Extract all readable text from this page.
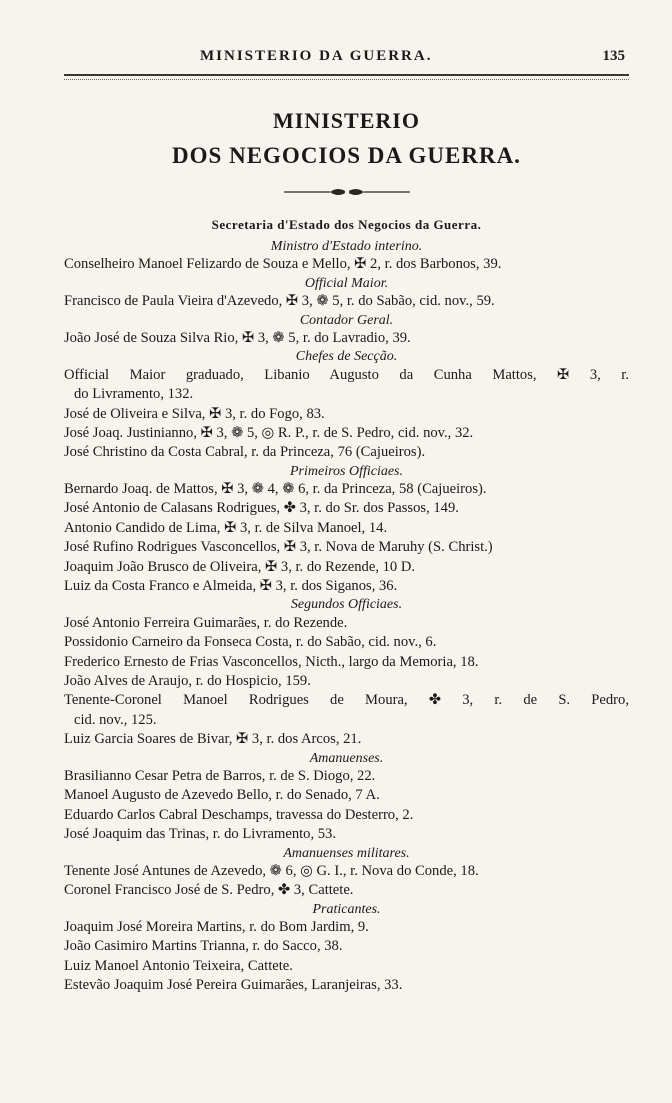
MINISTERIO DA GUERRA.	135
MINISTERIO
DOS NEGOCIOS DA GUERRA.
Secretaria d'Estado dos Negocios da Guerra.
Ministro d'Estado interino.
Conselheiro Manoel Felizardo de Souza e Mello, ✠ 2, r. dos Barbonos, 39.
Official Maior.
Francisco de Paula Vieira d'Azevedo, ✠ 3, ❁ 5, r. do Sabão, cid. nov., 59.
Contador Geral.
João José de Souza Silva Rio, ✠ 3, ❁ 5, r. do Lavradio, 39.
Chefes de Secção.
Official Maior graduado, Libanio Augusto da Cunha Mattos, ✠ 3, r.
do Livramento, 132.
José de Oliveira e Silva, ✠ 3, r. do Fogo, 83.
José Joaq. Justinianno, ✠ 3, ❁ 5, ◎ R. P., r. de S. Pedro, cid. nov., 32.
José Christino da Costa Cabral, r. da Princeza, 76 (Cajueiros).
Primeiros Officiaes.
Bernardo Joaq. de Mattos, ✠ 3, ❁ 4, ❁ 6, r. da Princeza, 58 (Cajueiros).
José Antonio de Calasans Rodrigues, ✤ 3, r. do Sr. dos Passos, 149.
Antonio Candido de Lima, ✠ 3, r. de Silva Manoel, 14.
José Rufino Rodrigues Vasconcellos, ✠ 3, r. Nova de Maruhy (S. Christ.)
Joaquim João Brusco de Oliveira, ✠ 3, r. do Rezende, 10 D.
Luiz da Costa Franco e Almeida, ✠ 3, r. dos Siganos, 36.
Segundos Officiaes.
José Antonio Ferreira Guimarães, r. do Rezende.
Possidonio Carneiro da Fonseca Costa, r. do Sabão, cid. nov., 6.
Frederico Ernesto de Frias Vasconcellos, Nicth., largo da Memoria, 18.
João Alves de Araujo, r. do Hospicio, 159.
Tenente-Coronel Manoel Rodrigues de Moura, ✤ 3, r. de S. Pedro,
cid. nov., 125.
Luiz Garcia Soares de Bivar, ✠ 3, r. dos Arcos, 21.
Amanuenses.
Brasilianno Cesar Petra de Barros, r. de S. Diogo, 22.
Manoel Augusto de Azevedo Bello, r. do Senado, 7 A.
Eduardo Carlos Cabral Deschamps, travessa do Desterro, 2.
José Joaquim das Trinas, r. do Livramento, 53.
Amanuenses militares.
Tenente José Antunes de Azevedo, ❁ 6, ◎ G. I., r. Nova do Conde, 18.
Coronel Francisco José de S. Pedro, ✤ 3, Cattete.
Praticantes.
Joaquim José Moreira Martins, r. do Bom Jardim, 9.
João Casimiro Martins Trianna, r. do Sacco, 38.
Luiz Manoel Antonio Teixeira, Cattete.
Estevão Joaquim José Pereira Guimarães, Laranjeiras, 33.
